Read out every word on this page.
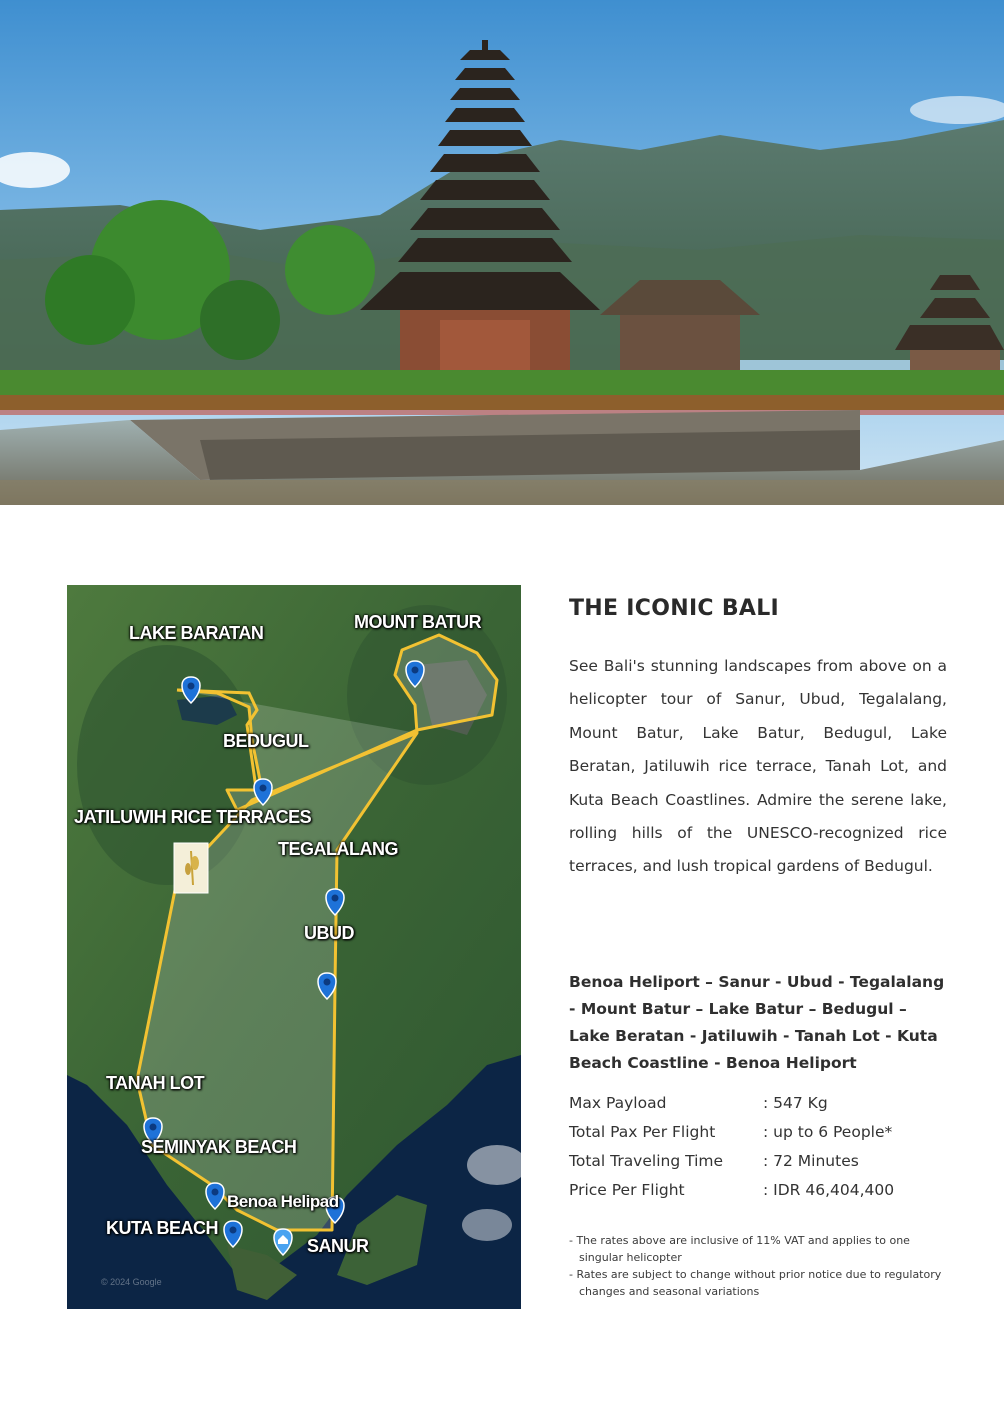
LAKE BARATAN
MOUNT BATUR
BEDUGUL
JATILUWIH RICE TERRACES
TEGALALANG
UBUD
TANAH LOT
SEMINYAK BEACH
Benoa Helipad
KUTA BEACH
SANUR
© 2024 Google
THE ICONIC BALI

See Bali's stunning landscapes from above on a helicopter tour of Sanur, Ubud, Tegalalang, Mount Batur, Lake Batur, Bedugul, Lake Beratan, Jatiluwih rice terrace, Tanah Lot, and Kuta Beach Coastlines. Admire the serene lake, rolling hills of the UNESCO-recognized rice terraces, and lush tropical gardens of Bedugul.

Benoa Heliport – Sanur - Ubud - Tegalalang - Mount Batur – Lake Batur – Bedugul – Lake Beratan - Jatiluwih - Tanah Lot - Kuta Beach Coastline - Benoa Heliport

Max Payload	: 547 Kg
Total Pax Per Flight	: up to 6 People*
Total Traveling Time	: 72 Minutes
Price Per Flight	: IDR 46,404,400
- The rates above are inclusive of 11% VAT and applies to one singular helicopter
- Rates are subject to change without prior notice due to regulatory changes and seasonal variations
